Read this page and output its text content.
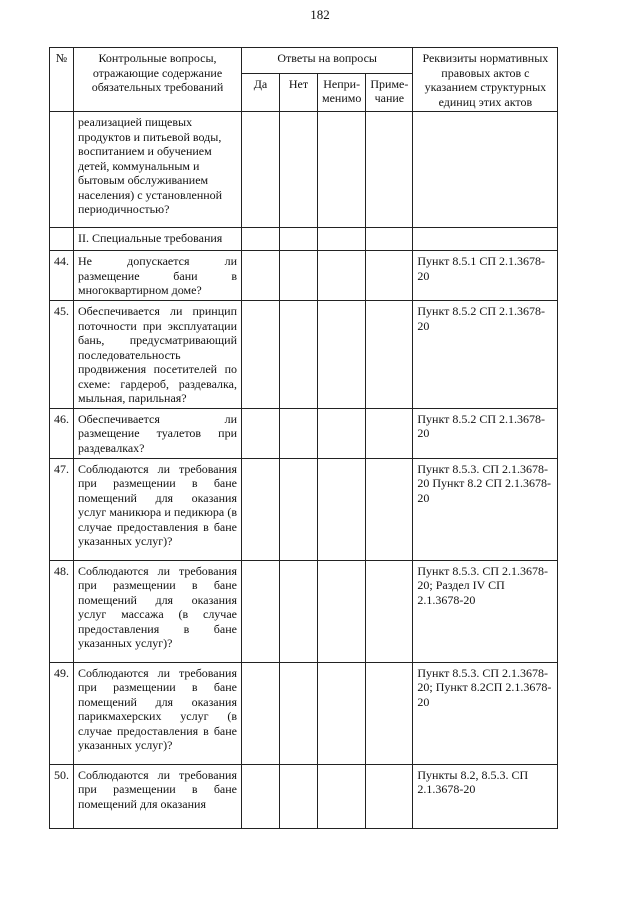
182
№	Контрольные вопросы, отражающие содержание обязательных требований	Ответы на вопросы				Реквизиты нормативных правовых актов с указанием структурных единиц этих актов
		Да	Нет	Непри-менимо	Приме-чание	
	реализацией пищевых продуктов и питьевой воды, воспитанием и обучением детей, коммунальным и бытовым обслуживанием населения) с установленной периодичностью?					
	II. Специальные требования					
44.	Не допускается ли размещение бани в многоквартирном доме?					Пункт 8.5.1 СП 2.1.3678-20
45.	Обеспечивается ли принцип поточности при эксплуатации бань, предусматривающий последовательность продвижения посетителей по схеме: гардероб, раздевалка, мыльная, парильная?					Пункт 8.5.2 СП 2.1.3678-20
46.	Обеспечивается ли размещение туалетов при раздевалках?					Пункт 8.5.2 СП 2.1.3678-20
47.	Соблюдаются ли требования при размещении в бане помещений для оказания услуг маникюра и педикюра (в случае предоставления в бане указанных услуг)?					Пункт 8.5.3. СП 2.1.3678-20 Пункт 8.2 СП 2.1.3678-20
48.	Соблюдаются ли требования при размещении в бане помещений для оказания услуг массажа (в случае предоставления в бане указанных услуг)?					Пункт 8.5.3. СП 2.1.3678-20; Раздел IV СП 2.1.3678-20
49.	Соблюдаются ли требования при размещении в бане помещений для оказания парикмахерских услуг (в случае предоставления в бане указанных услуг)?					Пункт 8.5.3. СП 2.1.3678-20; Пункт 8.2СП 2.1.3678-20
50.	Соблюдаются ли требования при размещении в бане помещений для оказания					Пункты 8.2, 8.5.3. СП 2.1.3678-20
